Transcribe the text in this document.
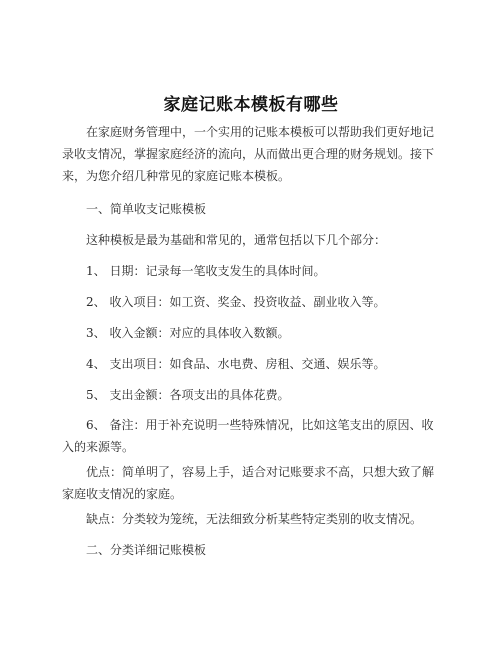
家庭记账本模板有哪些

在家庭财务管理中，一个实用的记账本模板可以帮助我们更好地记录收支情况，掌握家庭经济的流向，从而做出更合理的财务规划。接下来，为您介绍几种常见的家庭记账本模板。

一、简单收支记账模板

这种模板是最为基础和常见的，通常包括以下几个部分：

1、 日期：记录每一笔收支发生的具体时间。

2、 收入项目：如工资、奖金、投资收益、副业收入等。

3、 收入金额：对应的具体收入数额。

4、 支出项目：如食品、水电费、房租、交通、娱乐等。

5、 支出金额：各项支出的具体花费。

6、 备注：用于补充说明一些特殊情况，比如这笔支出的原因、收入的来源等。

优点：简单明了，容易上手，适合对记账要求不高，只想大致了解家庭收支情况的家庭。

缺点：分类较为笼统，无法细致分析某些特定类别的收支情况。

二、分类详细记账模板
